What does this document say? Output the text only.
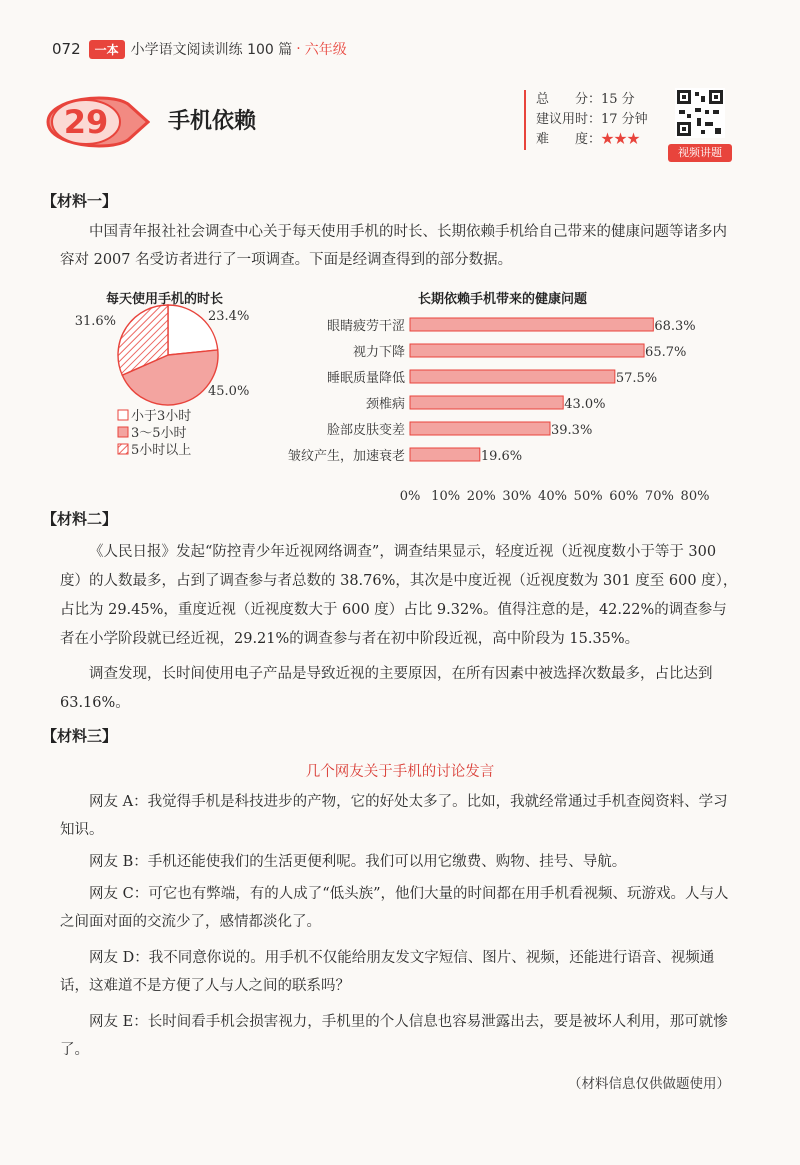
072	一本 小学语文阅读训练 100 篇 · 六年级
29	手机依赖
总　　分：15 分
建议用时：17 分钟
难　　度：★★★
视频讲题
【材料一】

中国青年报社社会调查中心关于每天使用手机的时长、长期依赖手机给自己带来的健康问题等诸多内容对 2007 名受访者进行了一项调查。下面是经调查得到的部分数据。

每天使用手机的时长
23.4%
45.0%
31.6%
小于3小时
3～5小时
5小时以上
长期依赖手机带来的健康问题
眼睛疲劳干涩	68.3%
视力下降	65.7%
睡眠质量降低	57.5%
颈椎病	43.0%
脸部皮肤变差	39.3%
皱纹产生，加速衰老	19.6%
0% 10% 20% 30% 40% 50% 60% 70% 80%
【材料二】

《人民日报》发起“防控青少年近视网络调查”，调查结果显示，轻度近视（近视度数小于等于 300 度）的人数最多，占到了调查参与者总数的 38.76%，其次是中度近视（近视度数为 301 度至 600 度），占比为 29.45%，重度近视（近视度数大于 600 度）占比 9.32%。值得注意的是，42.22%的调查参与者在小学阶段就已经近视，29.21%的调查参与者在初中阶段近视，高中阶段为 15.35%。

调查发现，长时间使用电子产品是导致近视的主要原因，在所有因素中被选择次数最多，占比达到 63.16%。

【材料三】
几个网友关于手机的讨论发言

网友 A：我觉得手机是科技进步的产物，它的好处太多了。比如，我就经常通过手机查阅资料、学习知识。

网友 B：手机还能使我们的生活更便利呢。我们可以用它缴费、购物、挂号、导航。

网友 C：可它也有弊端，有的人成了“低头族”，他们大量的时间都在用手机看视频、玩游戏。人与人之间面对面的交流少了，感情都淡化了。

网友 D：我不同意你说的。用手机不仅能给朋友发文字短信、图片、视频，还能进行语音、视频通话，这难道不是方便了人与人之间的联系吗？

网友 E：长时间看手机会损害视力，手机里的个人信息也容易泄露出去，要是被坏人利用，那可就惨了。

（材料信息仅供做题使用）
